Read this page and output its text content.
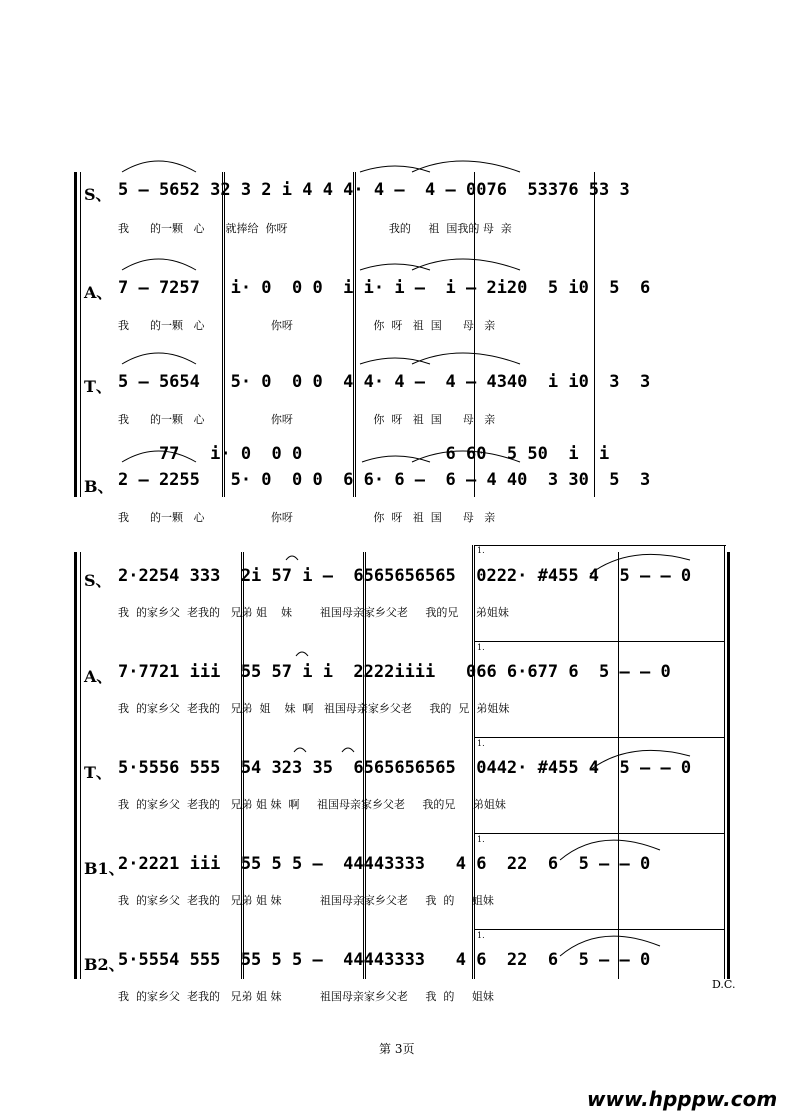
S、 5 — 5652 32 3 2 i 4 4 4· 4 —  4 — 0076  53376 53 3
我      的一颗   心      就捧给  你呀                             我的     祖  国我的 母  亲
A、 7 — 7257   i· 0  0 0  i i· i —  i — 2i20  5 i0  5  6
我      的一颗   心                   你呀                       你  呀   祖  国      母   亲
T、 5 — 5654   5· 0  0 0  4 4· 4 —  4 — 4340  i i0  3  3
我      的一颗   心                   你呀                       你  呀   祖  国      母   亲
77   i· 0  0 0              6 60  5 50  i  i
B、 2 — 2255   5· 0  0 0  6 6· 6 —  6 — 4 40  3 30  5  3
我      的一颗   心                   你呀                       你  呀   祖  国      母   亲
1.
1.
1.
1.
1.
S、 2·2254 333  2i 57 i —  6565656565  0222· #455 4  5 — — 0
我  的家乡父  老我的   兄弟 姐    妹        祖国母亲家乡父老     我的兄     弟姐妹
A、 7·7721 iii  55 57 i i  2222iiii   066 6·677 6  5 — — 0
我  的家乡父  老我的   兄弟  姐    妹  啊   祖国母亲家乡父老     我的  兄  弟姐妹
T、 5·5556 555  54 323 35  6565656565  0442· #455 4  5 — — 0
我  的家乡父  老我的   兄弟 姐 妹  啊     祖国母亲家乡父老     我的兄     弟姐妹
B1、
2·2221 iii  55 5 5 —  44443333   4 6  22  6  5 — — 0
我  的家乡父  老我的   兄弟 姐 妹           祖国母亲家乡父老     我  的     姐妹
B2、
5·5554 555  55 5 5 —  44443333   4 6  22  6  5 — — 0
我  的家乡父  老我的   兄弟 姐 妹           祖国母亲家乡父老     我  的     姐妹
D.C.
第 3页
www.hpppw.com
